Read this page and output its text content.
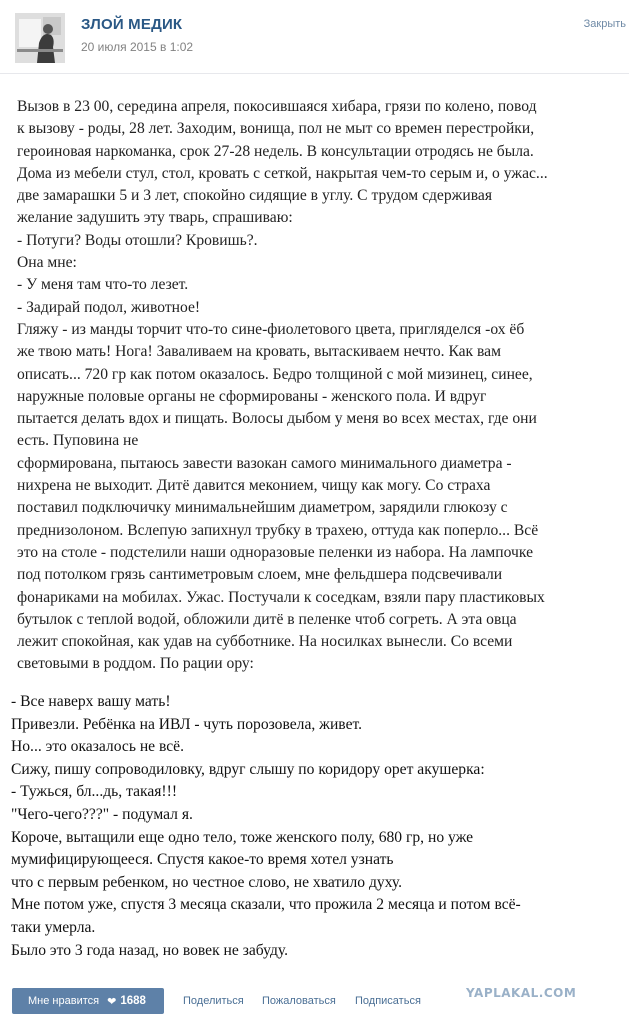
ЗЛОЙ МЕДИК
20 июля 2015 в 1:02
Закрыть

Вызов в 23 00, середина апреля, покосившаяся хибара, грязи по колено, повод

к вызову - роды, 28 лет. Заходим, вонища, пол не мыт со времен перестройки,

героиновая наркоманка, срок 27-28 недель. В консультации отродясь не была.

Дома из мебели стул, стол, кровать с сеткой, накрытая чем-то серым и, о ужас...

две замарашки 5 и 3 лет, спокойно сидящие в углу. С трудом сдерживая

желание задушить эту тварь, спрашиваю:

- Потуги? Воды отошли? Кровишь?.

Она мне:

- У меня там что-то лезет.

- Задирай подол, животное!

Гляжу - из манды торчит что-то сине-фиолетового цвета, пригляделся -ох ёб

же твою мать! Нога! Заваливаем на кровать, вытаскиваем нечто. Как вам

описать... 720 гр как потом оказалось. Бедро толщиной с мой мизинец, синее,

наружные половые органы не сформированы - женского пола. И вдруг

пытается делать вдох и пищать. Волосы дыбом у меня во всех местах, где они

есть. Пуповина не

сформирована, пытаюсь завести вазокан самого минимального диаметра -

нихрена не выходит. Дитё давится меконием, чищу как могу. Со страха

поставил подключичку минимальнейшим диаметром, зарядили глюкозу с

преднизолоном. Вслепую запихнул трубку в трахею, оттуда как поперло... Всё

это на столе - подстелили наши одноразовые пеленки из набора. На лампочке

под потолком грязь сантиметровым слоем, мне фельдшера подсвечивали

фонариками на мобилах. Ужас. Постучали к соседкам, взяли пару пластиковых

бутылок с теплой водой, обложили дитё в пеленке чтоб согреть. А эта овца

лежит спокойная, как удав на субботнике. На носилках вынесли. Со всеми

световыми в роддом. По рации ору:

- Все наверх вашу мать!

Привезли. Ребёнка на ИВЛ - чуть порозовела, живет.

Но... это оказалось не всё.

Сижу, пишу сопроводиловку, вдруг слышу по коридору орет акушерка:

- Тужься, бл...дь, такая!!!

"Чего-чего???" - подумал я.

Короче, вытащили еще одно тело, тоже женского полу, 680 гр, но уже

мумифицирующееся. Спустя какое-то время хотел узнать

что с первым ребенком, но честное слово, не хватило духу.

Мне потом уже, спустя 3 месяца сказали, что прожила 2 месяца и потом всё-

таки умерла.

Было это 3 года назад, но вовек не забуду.

Мне нравится ❤ 1688	Поделиться Пожаловаться Подписаться
YAPLAKAL.COM
